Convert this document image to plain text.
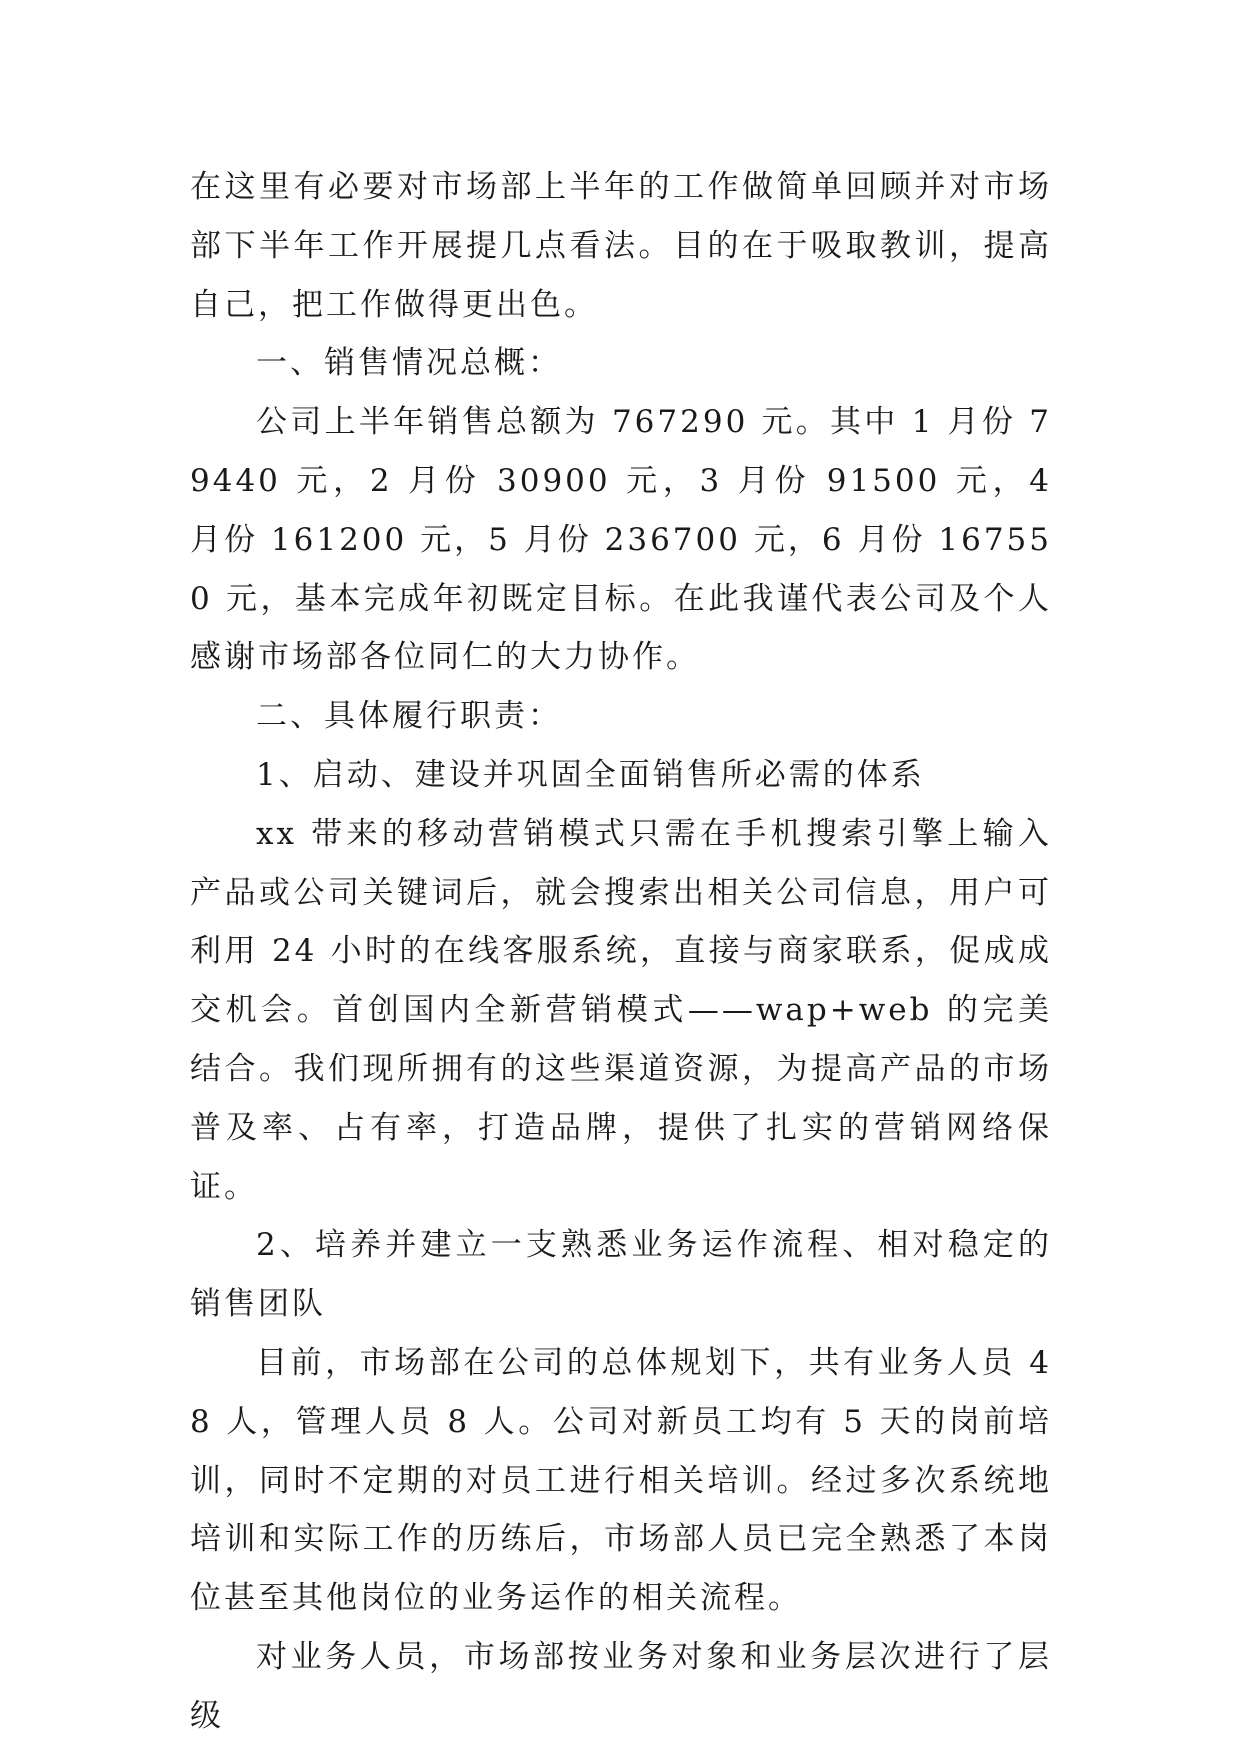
在这里有必要对市场部上半年的工作做简单回顾并对市场部下半年工作开展提几点看法。目的在于吸取教训，提高自己，把工作做得更出色。

一、销售情况总概：

公司上半年销售总额为 767290 元。其中 1 月份 79440 元，2 月份 30900 元，3 月份 91500 元，4 月份 161200 元，5 月份 236700 元，6 月份 167550 元，基本完成年初既定目标。在此我谨代表公司及个人感谢市场部各位同仁的大力协作。

二、具体履行职责：

1、启动、建设并巩固全面销售所必需的体系

xx 带来的移动营销模式只需在手机搜索引擎上输入产品或公司关键词后，就会搜索出相关公司信息，用户可利用 24 小时的在线客服系统，直接与商家联系，促成成交机会。首创国内全新营销模式——wap+web 的完美结合。我们现所拥有的这些渠道资源，为提高产品的市场普及率、占有率，打造品牌，提供了扎实的营销网络保证。

2、培养并建立一支熟悉业务运作流程、相对稳定的销售团队

目前，市场部在公司的总体规划下，共有业务人员 48 人，管理人员 8 人。公司对新员工均有 5 天的岗前培训，同时不定期的对员工进行相关培训。经过多次系统地培训和实际工作的历练后，市场部人员已完全熟悉了本岗位甚至其他岗位的业务运作的相关流程。

对业务人员，市场部按业务对象和业务层次进行了层级
